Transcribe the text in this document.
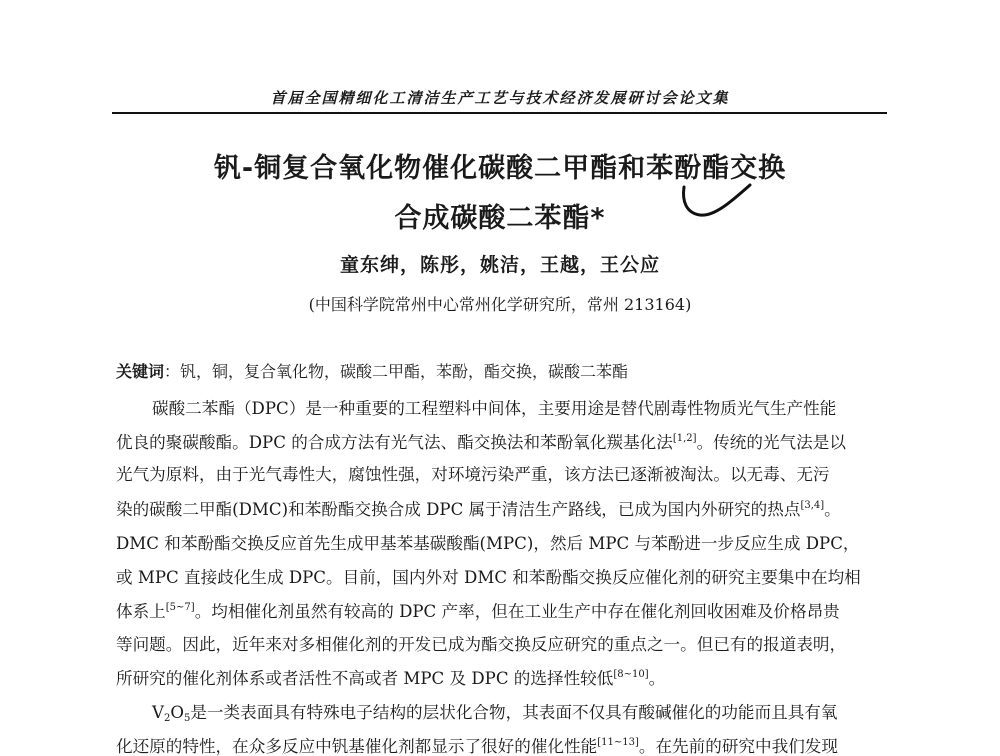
首届全国精细化工清洁生产工艺与技术经济发展研讨会论文集
钒-铜复合氧化物催化碳酸二甲酯和苯酚酯交换
合成碳酸二苯酯*
童东绅，陈彤，姚洁，王越，王公应
(中国科学院常州中心常州化学研究所，常州 213164)
关键词：钒，铜，复合氧化物，碳酸二甲酯，苯酚，酯交换，碳酸二苯酯
碳酸二苯酯（DPC）是一种重要的工程塑料中间体，主要用途是替代剧毒性物质光气生产性能
优良的聚碳酸酯。DPC 的合成方法有光气法、酯交换法和苯酚氧化羰基化法[1,2]。传统的光气法是以
光气为原料，由于光气毒性大，腐蚀性强，对环境污染严重，该方法已逐渐被淘汰。以无毒、无污
染的碳酸二甲酯(DMC)和苯酚酯交换合成 DPC 属于清洁生产路线，已成为国内外研究的热点[3,4]。
DMC 和苯酚酯交换反应首先生成甲基苯基碳酸酯(MPC)，然后 MPC 与苯酚进一步反应生成 DPC，
或 MPC 直接歧化生成 DPC。目前，国内外对 DMC 和苯酚酯交换反应催化剂的研究主要集中在均相
体系上[5~7]。均相催化剂虽然有较高的 DPC 产率，但在工业生产中存在催化剂回收困难及价格昂贵
等问题。因此，近年来对多相催化剂的开发已成为酯交换反应研究的重点之一。但已有的报道表明，
所研究的催化剂体系或者活性不高或者 MPC 及 DPC 的选择性较低[8~10]。
$V_2O_5$是一类表面具有特殊电子结构的层状化合物，其表面不仅具有酸碱催化的功能而且具有氧
化还原的特性，在众多反应中钒基催化剂都显示了很好的催化性能[11~13]。在先前的研究中我们发现
